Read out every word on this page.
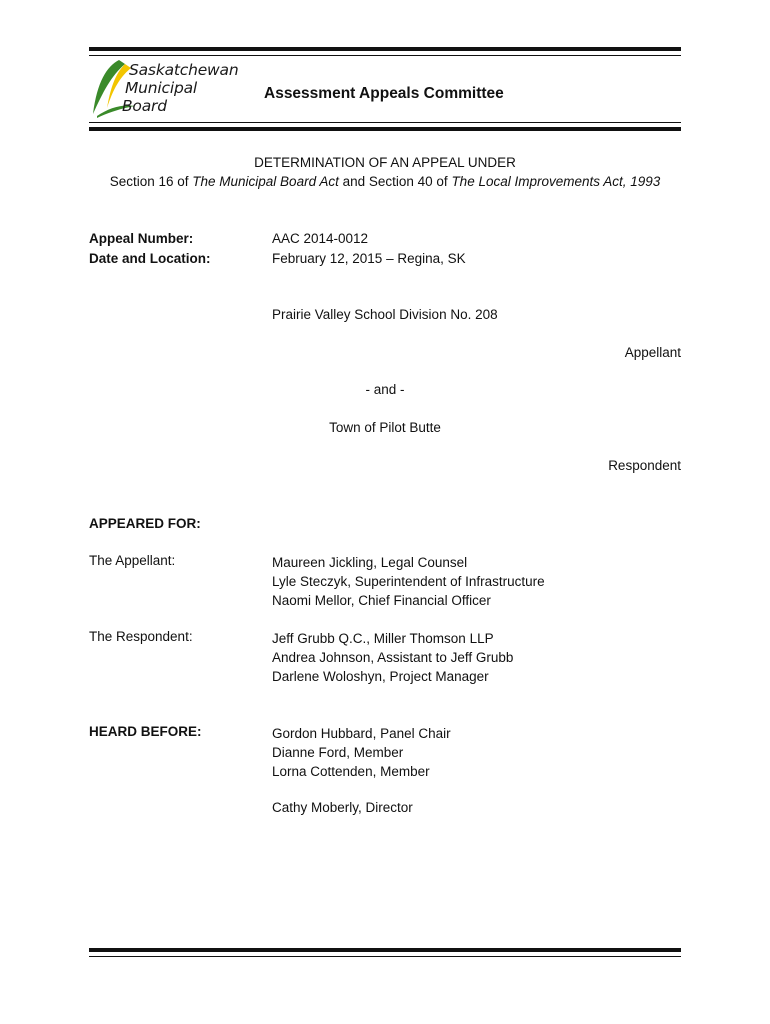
Saskatchewan
Municipal
Board
Assessment Appeals Committee
DETERMINATION OF AN APPEAL UNDER
Section 16 of The Municipal Board Act and Section 40 of The Local Improvements Act, 1993
Appeal Number:	AAC 2014-0012
Date and Location:	February 12, 2015 – Regina, SK
Prairie Valley School Division No. 208
Appellant
- and -
Town of Pilot Butte
Respondent
APPEARED FOR:
The Appellant:	Maureen Jickling, Legal Counsel
Lyle Steczyk, Superintendent of Infrastructure
Naomi Mellor, Chief Financial Officer
The Respondent:	Jeff Grubb Q.C., Miller Thomson LLP
Andrea Johnson, Assistant to Jeff Grubb
Darlene Woloshyn, Project Manager
HEARD BEFORE:	Gordon Hubbard, Panel Chair
Dianne Ford, Member
Lorna Cottenden, Member
Cathy Moberly, Director
